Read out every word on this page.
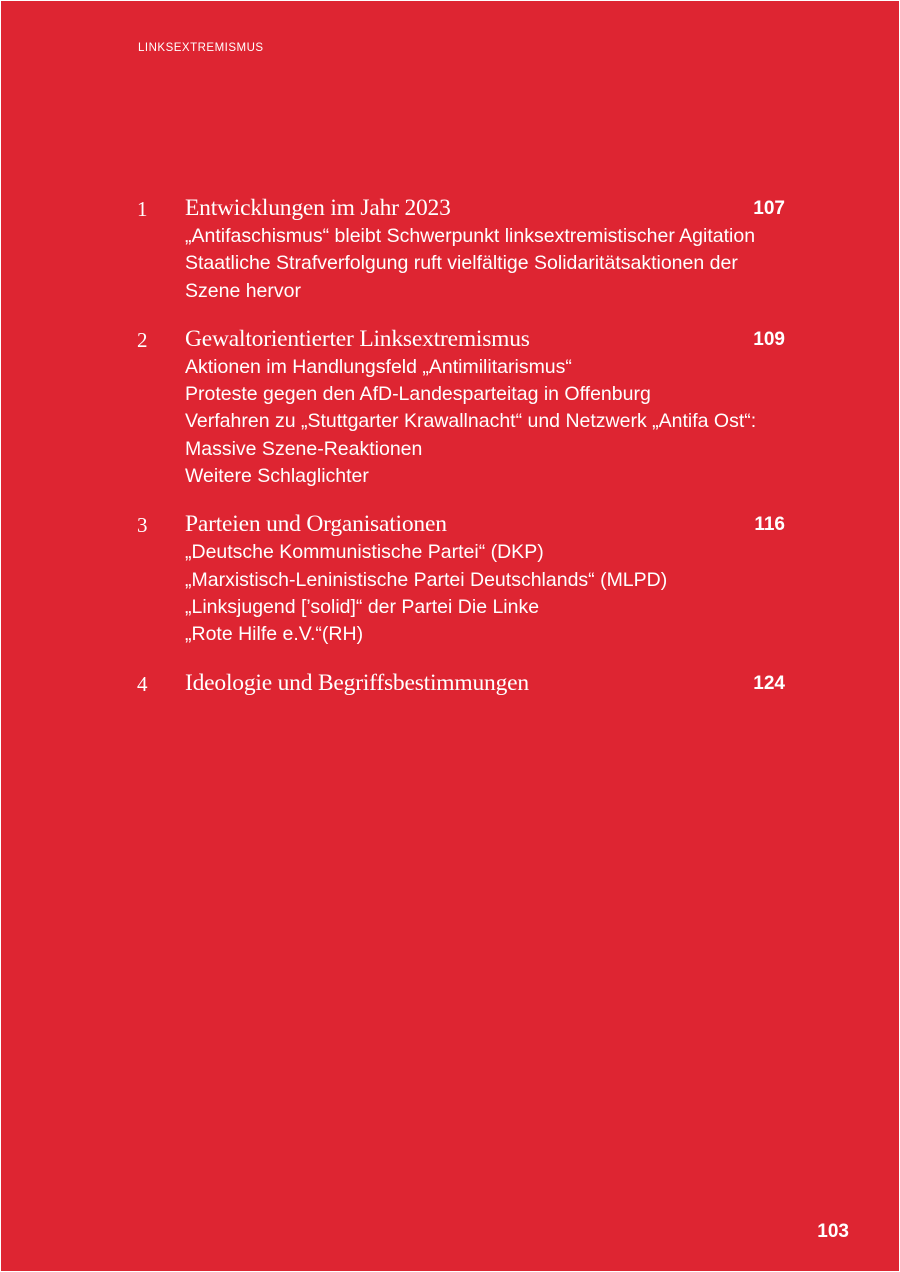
LINKSEXTREMISMUS
1 Entwicklungen im Jahr 2023	107
„Antifaschismus“ bleibt Schwerpunkt linksextremistischer Agitation
Staatliche Strafverfolgung ruft vielfältige Solidaritätsaktionen der Szene hervor
2 Gewaltorientierter Linksextremismus	109
Aktionen im Handlungsfeld „Antimilitarismus“
Proteste gegen den AfD-Landesparteitag in Offenburg
Verfahren zu „Stuttgarter Krawallnacht“ und Netzwerk „Antifa Ost“: Massive Szene-Reaktionen
Weitere Schlaglichter
3 Parteien und Organisationen	116
„Deutsche Kommunistische Partei“ (DKP)
„Marxistisch-Leninistische Partei Deutschlands“ (MLPD)
„Linksjugend [’solid]“ der Partei Die Linke
„Rote Hilfe e.V.“(RH)
4 Ideologie und Begriffsbestimmungen	124
103
